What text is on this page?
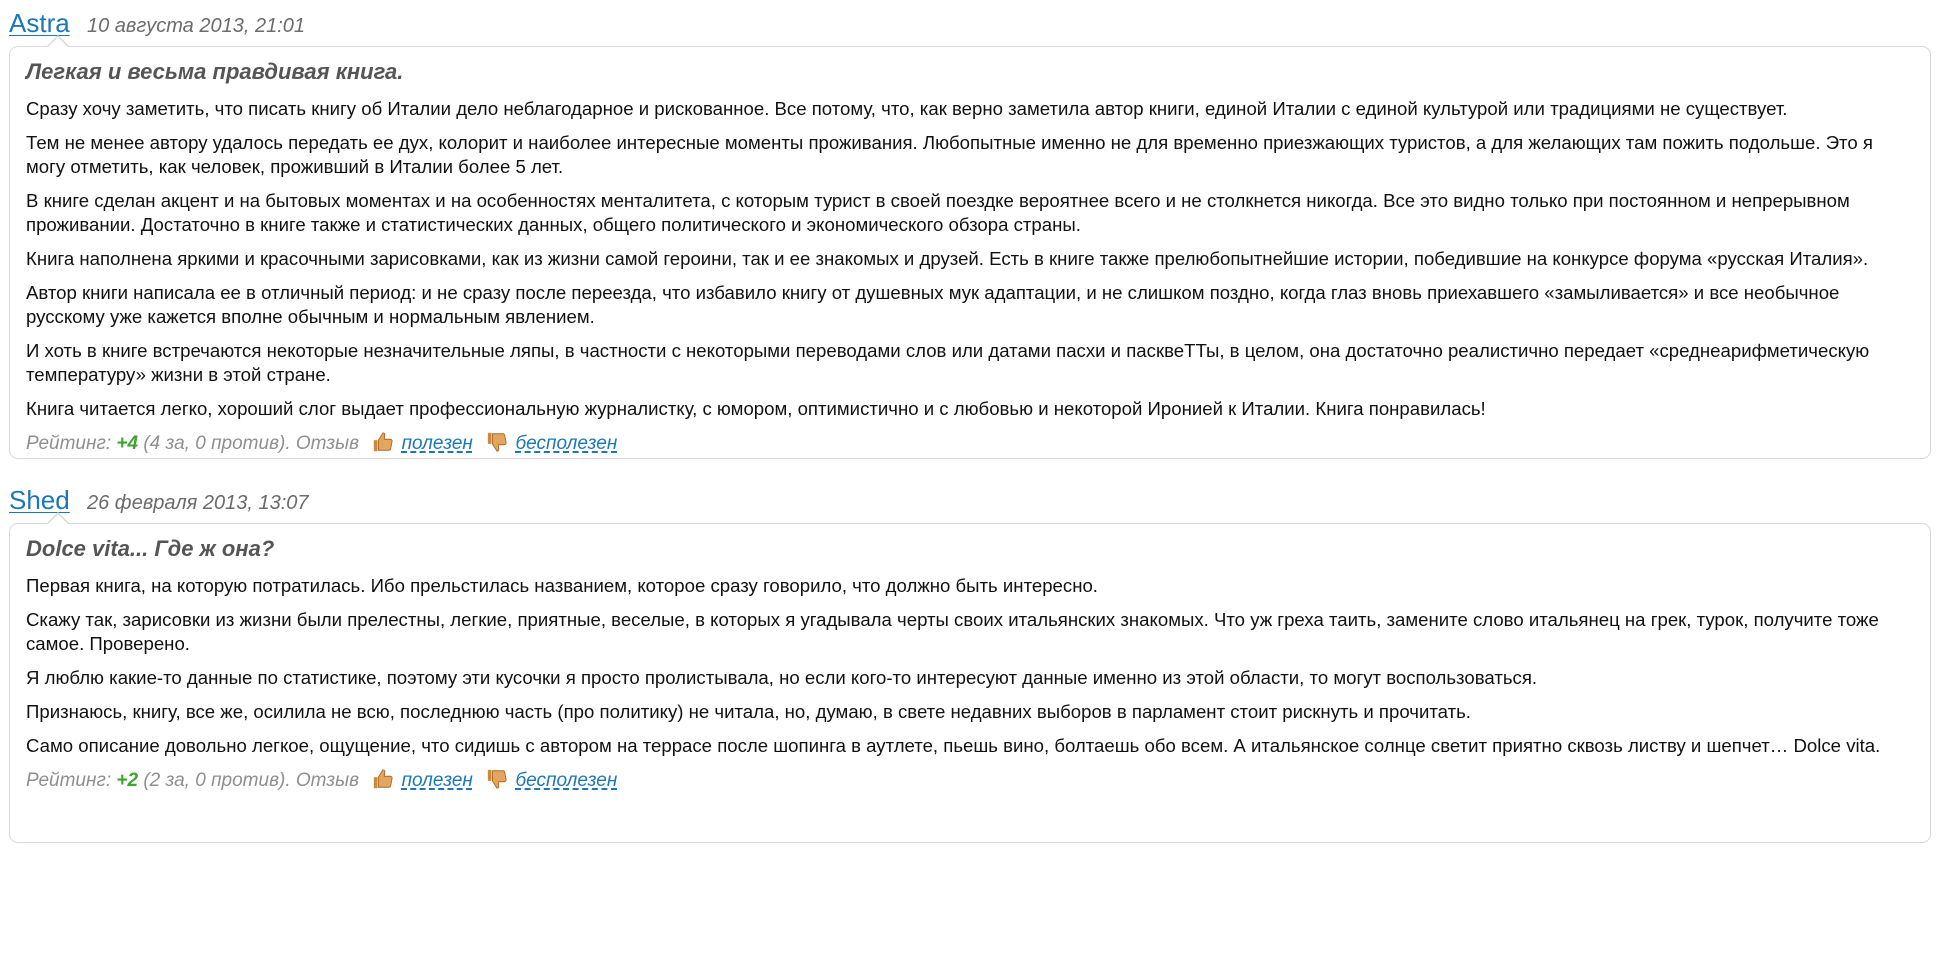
Astra 10 августа 2013, 21:01
Легкая и весьма правдивая книга.

Сразу хочу заметить, что писать книгу об Италии дело неблагодарное и рискованное. Все потому, что, как верно заметила автор книги, единой Италии с единой культурой или традициями не существует.

Тем не менее автору удалось передать ее дух, колорит и наиболее интересные моменты проживания. Любопытные именно не для временно приезжающих туристов, а для желающих там пожить подольше. Это я могу отметить, как человек, проживший в Италии более 5 лет.

В книге сделан акцент и на бытовых моментах и на особенностях менталитета, с которым турист в своей поездке вероятнее всего и не столкнется никогда. Все это видно только при постоянном и непрерывном проживании. Достаточно в книге также и статистических данных, общего политического и экономического обзора страны.

Книга наполнена яркими и красочными зарисовками, как из жизни самой героини, так и ее знакомых и друзей. Есть в книге также прелюбопытнейшие истории, победившие на конкурсе форума «русская Италия».

Автор книги написала ее в отличный период: и не сразу после переезда, что избавило книгу от душевных мук адаптации, и не слишком поздно, когда глаз вновь приехавшего «замыливается» и все необычное русскому уже кажется вполне обычным и нормальным явлением.

И хоть в книге встречаются некоторые незначительные ляпы, в частности с некоторыми переводами слов или датами пасхи и пасквеТТы, в целом, она достаточно реалистично передает «среднеарифметическую температуру» жизни в этой стране.

Книга читается легко, хороший слог выдает профессиональную журналистку, с юмором, оптимистично и с любовью и некоторой Иронией к Италии. Книга понравилась!

Рейтинг: +4 (4 за, 0 против). Отзыв полезен бесполезен
Shed 26 февраля 2013, 13:07
Dolce vita... Где ж она?

Первая книга, на которую потратилась. Ибо прельстилась названием, которое сразу говорило, что должно быть интересно.

Скажу так, зарисовки из жизни были прелестны, легкие, приятные, веселые, в которых я угадывала черты своих итальянских знакомых. Что уж греха таить, замените слово итальянец на грек, турок, получите тоже самое. Проверено.

Я люблю какие-то данные по статистике, поэтому эти кусочки я просто пролистывала, но если кого-то интересуют данные именно из этой области, то могут воспользоваться.

Признаюсь, книгу, все же, осилила не всю, последнюю часть (про политику) не читала, но, думаю, в свете недавних выборов в парламент стоит рискнуть и прочитать.

Само описание довольно легкое, ощущение, что сидишь с автором на террасе после шопинга в аутлете, пьешь вино, болтаешь обо всем. А итальянское солнце светит приятно сквозь листву и шепчет… Dolce vita.

Рейтинг: +2 (2 за, 0 против). Отзыв полезен бесполезен
